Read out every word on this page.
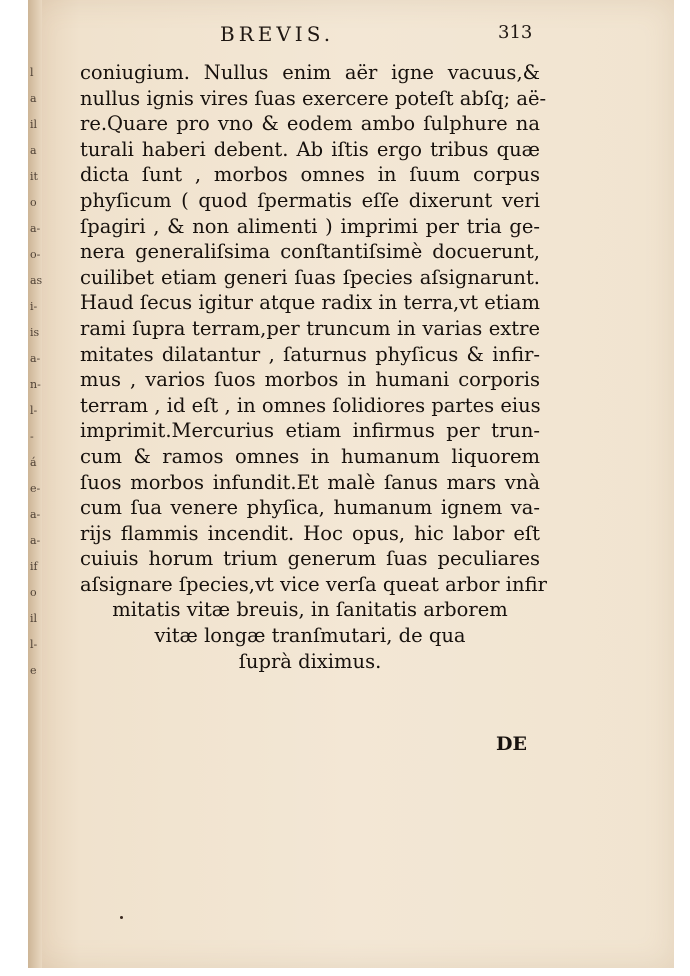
l
a
il
a
it
o
a-
o-
as
i-
is
a-
n-
l-
-
á
e-
a-
a-
if
o
il
l-
e
BREVIS.	313
coniugium. Nullus enim aër igne vacuus,&
nullus ignis vires ſuas exercere poteſt abſq; aë-
re.Quare pro vno & eodem ambo ſulphure na
turali haberi debent. Ab iſtis ergo tribus quæ
dicta ſunt , morbos omnes in ſuum corpus
phyſicum ( quod ſpermatis eſſe dixerunt veri
ſpagiri , & non alimenti ) imprimi per tria ge-
nera generaliſsima conſtantiſsimè docuerunt,
cuilibet etiam generi ſuas ſpecies aſsignarunt.
Haud ſecus igitur atque radix in terra,vt etiam
rami ſupra terram,per truncum in varias extre
mitates dilatantur , ſaturnus phyſicus & infir-
mus , varios ſuos morbos in humani corporis
terram , id eſt , in omnes ſolidiores partes eius
imprimit.Mercurius etiam infirmus per trun-
cum & ramos omnes in humanum liquorem
ſuos morbos infundit.Et malè ſanus mars vnà
cum ſua venere phyſica, humanum ignem va-
rijs flammis incendit. Hoc opus, hic labor eſt
cuiuis horum trium generum ſuas peculiares
aſsignare ſpecies,vt vice verſa queat arbor infir
mitatis vitæ breuis, in ſanitatis arborem
vitæ longæ tranſmutari, de qua
ſuprà diximus.
DE
